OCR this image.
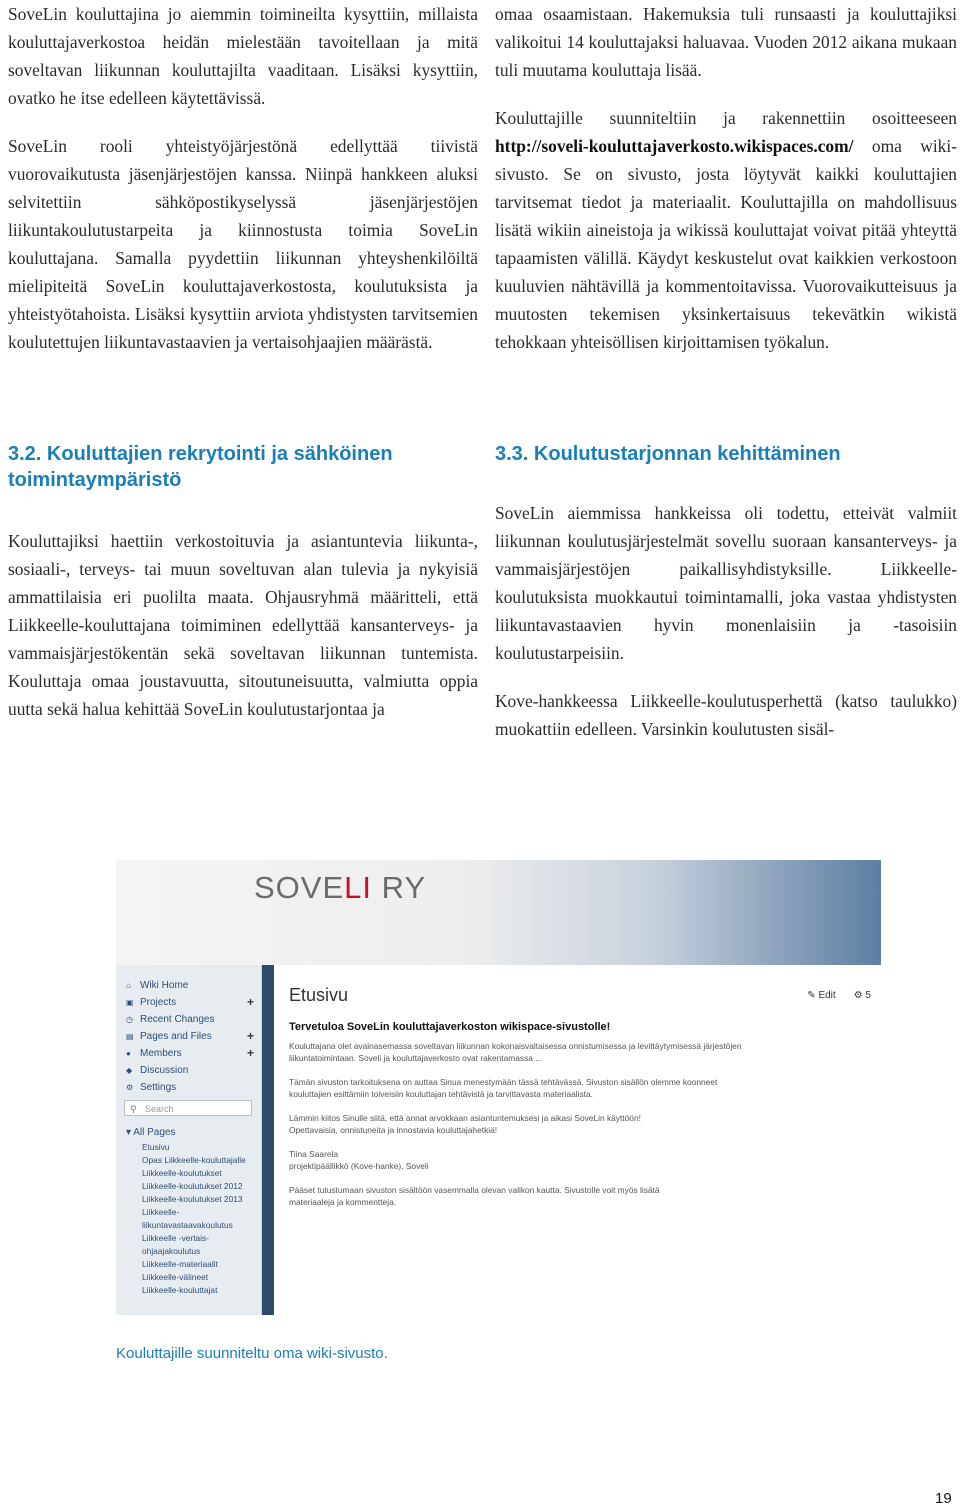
SoveLin kouluttajina jo aiemmin toimineilta kysyttiin, millaista kouluttajaverkostoa heidän mielestään tavoitellaan ja mitä soveltavan liikunnan kouluttajilta vaaditaan. Lisäksi kysyttiin, ovatko he itse edelleen käytettävissä.

SoveLin rooli yhteistyöjärjestönä edellyttää tiivistä vuorovaikutusta jäsenjärjestöjen kanssa. Niinpä hankkeen aluksi selvitettiin sähköpostikyselyssä jäsenjärjestöjen liikuntakoulutustarpeita ja kiinnostusta toimia SoveLin kouluttajana. Samalla pyydettiin liikunnan yhteyshenkilöiltä mielipiteitä SoveLin kouluttajaverkostosta, koulutuksista ja yhteistyötahoista. Lisäksi kysyttiin arviota yhdistysten tarvitsemien koulutettujen liikuntavastaavien ja vertaisohjaajien määrästä.

omaa osaamistaan. Hakemuksia tuli runsaasti ja kouluttajiksi valikoitui 14 kouluttajaksi haluavaa. Vuoden 2012 aikana mukaan tuli muutama kouluttaja lisää.

Kouluttajille suunniteltiin ja rakennettiin osoitteeseen http://soveli-kouluttajaverkosto.wikispaces.com/ oma wiki-sivusto. Se on sivusto, josta löytyvät kaikki kouluttajien tarvitsemat tiedot ja materiaalit. Kouluttajilla on mahdollisuus lisätä wikiin aineistoja ja wikissä kouluttajat voivat pitää yhteyttä tapaamisten välillä. Käydyt keskustelut ovat kaikkien verkostoon kuuluvien nähtävillä ja kommentoitavissa. Vuorovaikutteisuus ja muutosten tekemisen yksinkertaisuus tekevätkin wikistä tehokkaan yhteisöllisen kirjoittamisen työkalun.

3.2. Kouluttajien rekrytointi ja sähköinen toimintaympäristö

Kouluttajiksi haettiin verkostoituvia ja asiantuntevia liikunta-, sosiaali-, terveys- tai muun soveltuvan alan tulevia ja nykyisiä ammattilaisia eri puolilta maata. Ohjausryhmä määritteli, että Liikkeelle-kouluttajana toimiminen edellyttää kansanterveys- ja vammaisjärjestökentän sekä soveltavan liikunnan tuntemista. Kouluttaja omaa joustavuutta, sitoutuneisuutta, valmiutta oppia uutta sekä halua kehittää SoveLin koulutustarjontaa ja

3.3. Koulutustarjonnan kehittäminen

SoveLin aiemmissa hankkeissa oli todettu, etteivät valmiit liikunnan koulutusjärjestelmät sovellu suoraan kansanterveys- ja vammaisjärjestöjen paikallisyhdistyksille. Liikkeelle-koulutuksista muokkautui toimintamalli, joka vastaa yhdistysten liikuntavastaavien hyvin monenlaisiin ja -tasoisiin koulutustarpeisiin.

Kove-hankkeessa Liikkeelle-koulutusperhettä (katso taulukko) muokattiin edelleen. Varsinkin koulutusten sisäl-

SOVELI RY
⌂ Wiki Home
▣ Projects	+
◷ Recent Changes
▤ Pages and Files	+
● Members	+
◆ Discussion
⚙ Settings
⚲ Search
▾ All Pages
Etusivu
Opas Liikkeelle-kouluttajalle
Liikkeelle-koulutukset
Liikkeelle-koulutukset 2012
Liikkeelle-koulutukset 2013
Liikkeelle-
liikuntavastaavakoulutus
Liikkeelle -vertais-
ohjaajakoulutus
Liikkeelle-materiaalit
Liikkeelle-välineet
Liikkeelle-kouluttajat
Etusivu	✎ Edit ⚙ 5
Tervetuloa SoveLin kouluttajaverkoston wikispace-sivustolle!
Kouluttajana olet avainasemassa soveltavan liikunnan kokonaisvaltaisessa onnistumisessa ja levittäytymisessä järjestöjen
liikuntatoimintaan. Soveli ja kouluttajaverkosto ovat rakentamassa ...
Tämän sivuston tarkoituksena on auttaa Sinua menestymään tässä tehtävässä. Sivuston sisällön olemme koonneet
kouluttajien esittämiin toiveisiin kouluttajan tehtävistä ja tarvittavasta materiaalista.
Lämmin kiitos Sinulle siitä, että annat arvokkaan asiantuntemuksesi ja aikasi SoveLin käyttöön!
Opettavaisia, onnistuneita ja innostavia kouluttajahetkiä!
Tiina Saarela
projektipäällikkö (Kove-hanke), Soveli
Pääset tutustumaan sivuston sisältöön vasemmalla olevan valikon kautta. Sivustolle voit myös lisätä
materiaaleja ja kommentteja.

Kouluttajille suunniteltu oma wiki-sivusto.

19
